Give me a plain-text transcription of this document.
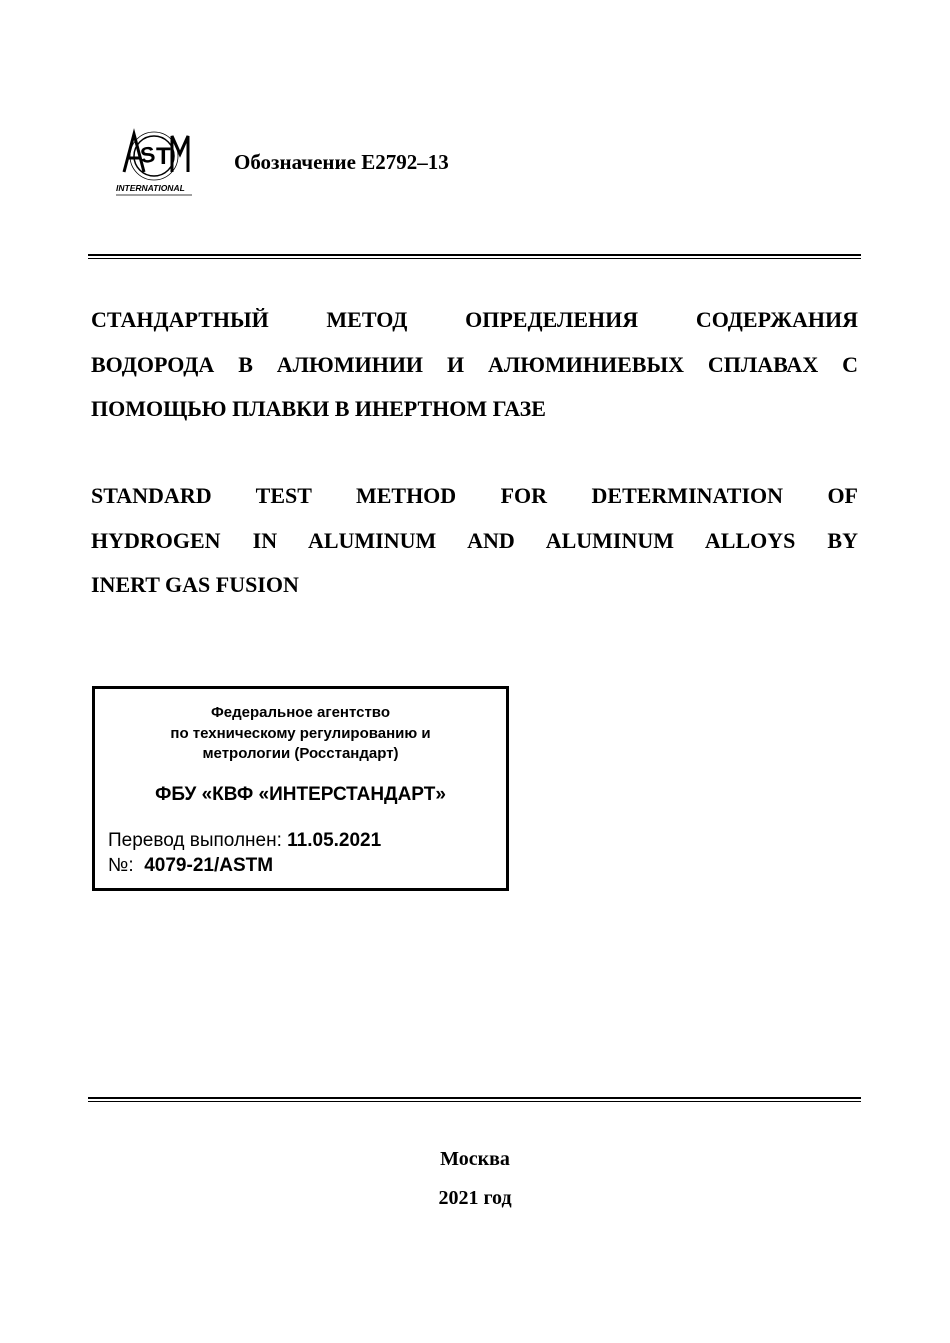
S T
INTERNATIONAL
Обозначение E2792–13
СТАНДАРТНЫЙ МЕТОД ОПРЕДЕЛЕНИЯ СОДЕРЖАНИЯ
ВОДОРОДА В АЛЮМИНИИ И АЛЮМИНИЕВЫХ СПЛАВАХ С
ПОМОЩЬЮ ПЛАВКИ В ИНЕРТНОМ ГАЗЕ
STANDARD TEST METHOD FOR DETERMINATION OF
HYDROGEN IN ALUMINUM AND ALUMINUM ALLOYS BY
INERT GAS FUSION
Федеральное агентство
по техническому регулированию и
метрологии (Росстандарт)
ФБУ «КВФ «ИНТЕРСТАНДАРТ»
Перевод выполнен: 11.05.2021
№: 4079-21/ASTM
Москва
2021 год
